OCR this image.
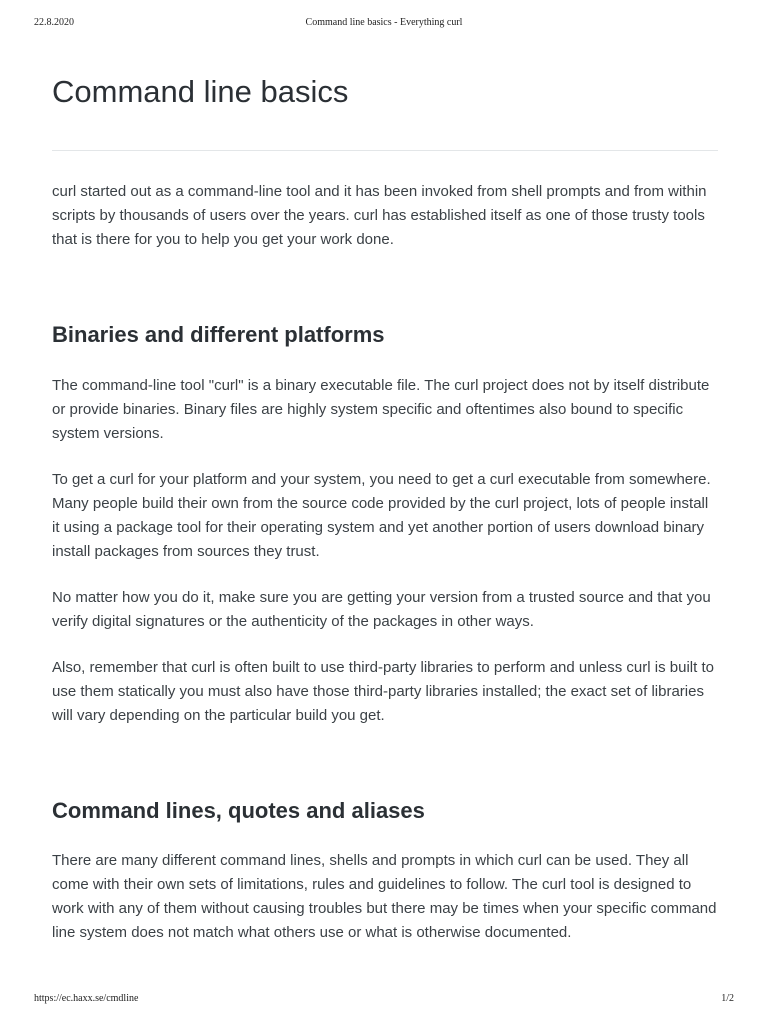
22.8.2020	Command line basics - Everything curl
Command line basics

curl started out as a command-line tool and it has been invoked from shell prompts and from within scripts by thousands of users over the years. curl has established itself as one of those trusty tools that is there for you to help you get your work done.

Binaries and different platforms

The command-line tool "curl" is a binary executable file. The curl project does not by itself distribute or provide binaries. Binary files are highly system specific and oftentimes also bound to specific system versions.

To get a curl for your platform and your system, you need to get a curl executable from somewhere. Many people build their own from the source code provided by the curl project, lots of people install it using a package tool for their operating system and yet another portion of users download binary install packages from sources they trust.

No matter how you do it, make sure you are getting your version from a trusted source and that you verify digital signatures or the authenticity of the packages in other ways.

Also, remember that curl is often built to use third-party libraries to perform and unless curl is built to use them statically you must also have those third-party libraries installed; the exact set of libraries will vary depending on the particular build you get.

Command lines, quotes and aliases

There are many different command lines, shells and prompts in which curl can be used. They all come with their own sets of limitations, rules and guidelines to follow. The curl tool is designed to work with any of them without causing troubles but there may be times when your specific command line system does not match what others use or what is otherwise documented.

https://ec.haxx.se/cmdline	1/2
